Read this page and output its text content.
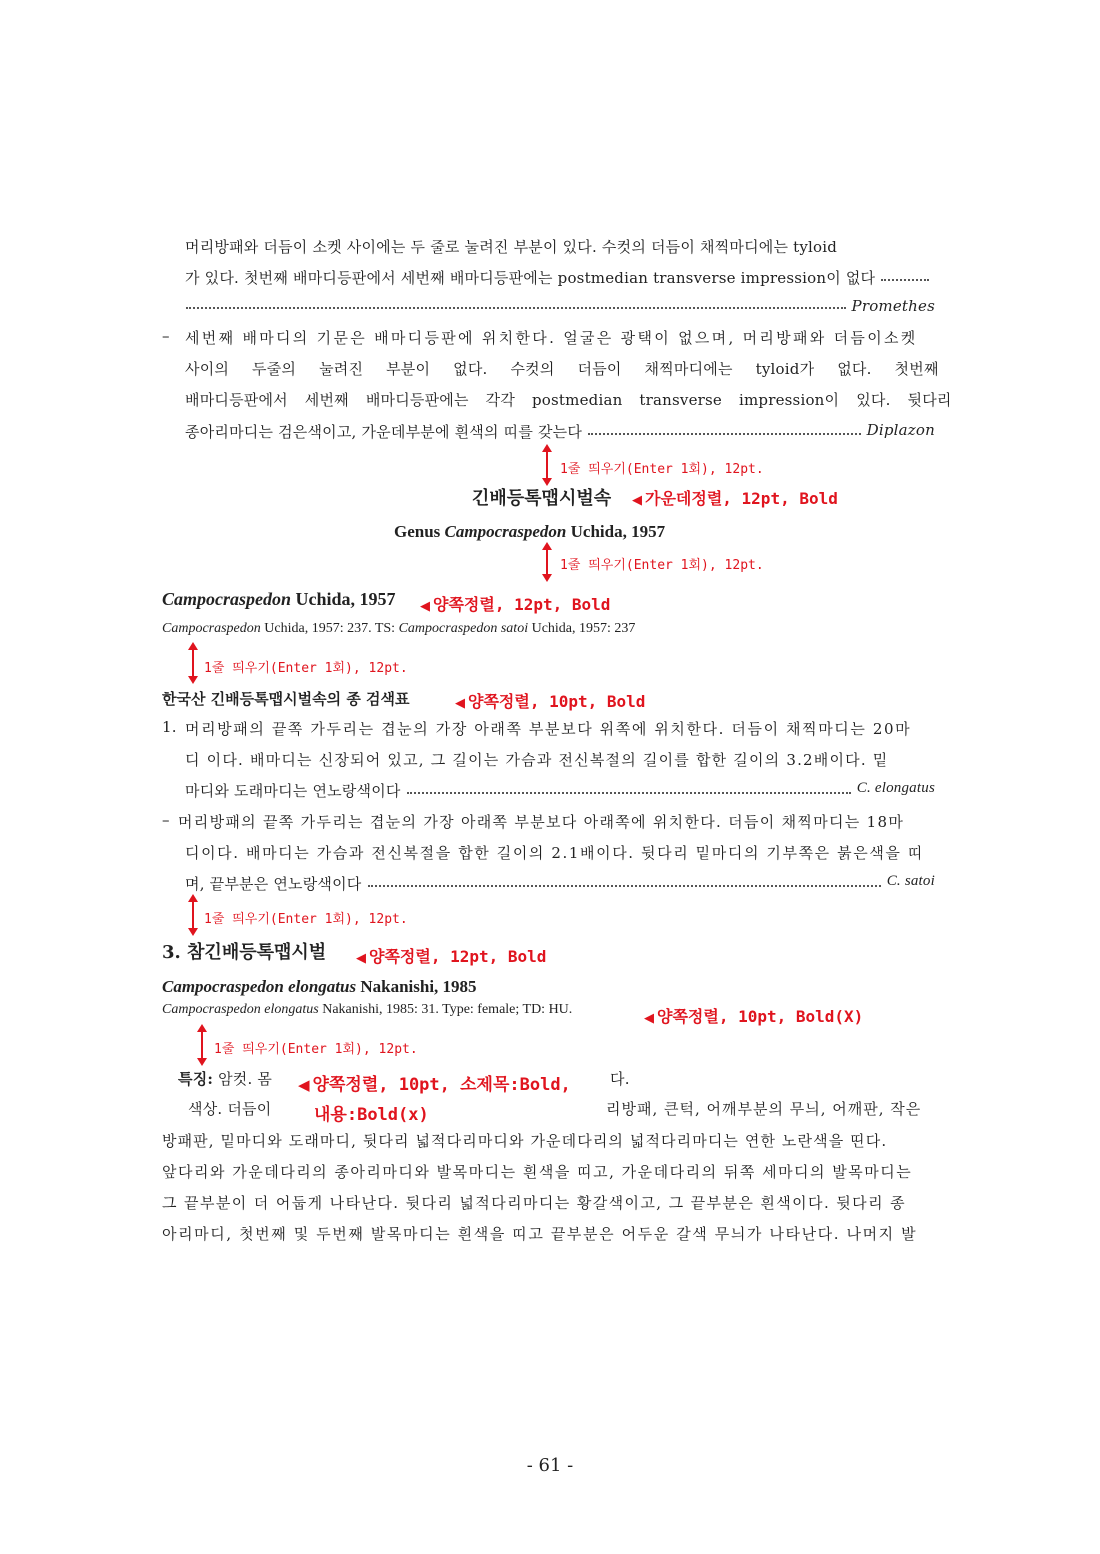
머리방패와 더듬이 소켓 사이에는 두 줄로 눌려진 부분이 있다. 수컷의 더듬이 채찍마디에는 tyloid
가 있다. 첫번째 배마디등판에서 세번째 배마디등판에는 postmedian transverse impression이 없다
Promethes
– 세번째 배마디의 기문은 배마디등판에 위치한다. 얼굴은 광택이 없으며, 머리방패와 더듬이소켓
사이의 두줄의 눌려진 부분이 없다. 수컷의 더듬이 채찍마디에는 tyloid가 없다. 첫번째
배마디등판에서 세번째 배마디등판에는 각각 postmedian transverse impression이 있다. 뒷다리
종아리마디는 검은색이고, 가운데부분에 흰색의 띠를 갖는다	Diplazon
1줄 띄우기(Enter 1회), 12pt.
긴배등톡맵시벌속 ◀ 가운데정렬, 12pt, Bold
Genus Campocraspedon Uchida, 1957
1줄 띄우기(Enter 1회), 12pt.
Campocraspedon Uchida, 1957 ◀ 양쪽정렬, 12pt, Bold
Campocraspedon Uchida, 1957: 237. TS: Campocraspedon satoi Uchida, 1957: 237
1줄 띄우기(Enter 1회), 12pt.
한국산 긴배등톡맵시벌속의 종 검색표	◀ 양쪽정렬, 10pt, Bold
1. 머리방패의 끝쪽 가두리는 겹눈의 가장 아래쪽 부분보다 위쪽에 위치한다. 더듬이 채찍마디는 20마
디 이다. 배마디는 신장되어 있고, 그 길이는 가슴과 전신복절의 길이를 합한 길이의 3.2배이다. 밑
마디와 도래마디는 연노랑색이다	C. elongatus
– 머리방패의 끝쪽 가두리는 겹눈의 가장 아래쪽 부분보다 아래쪽에 위치한다. 더듬이 채찍마디는 18마
디이다. 배마디는 가슴과 전신복절을 합한 길이의 2.1배이다. 뒷다리 밑마디의 기부쪽은 붉은색을 띠
며, 끝부분은 연노랑색이다	C. satoi
1줄 띄우기(Enter 1회), 12pt.
3. 참긴배등톡맵시벌 ◀ 양쪽정렬, 12pt, Bold
Campocraspedon elongatus Nakanishi, 1985
Campocraspedon elongatus Nakanishi, 1985: 31. Type: female; TD: HU.
◀ 양쪽정렬, 10pt, Bold(X)
1줄 띄우기(Enter 1회), 12pt.
특징: 암컷. 몸	다.
색상. 더듬이	리방패, 큰턱, 어깨부분의 무늬, 어깨판, 작은
◀ 양쪽정렬, 10pt, 소제목:Bold,
내용:Bold(x)
방패판, 밑마디와 도래마디, 뒷다리 넓적다리마디와 가운데다리의 넓적다리마디는 연한 노란색을 띤다.
앞다리와 가운데다리의 종아리마디와 발목마디는 흰색을 띠고, 가운데다리의 뒤쪽 세마디의 발목마디는
그 끝부분이 더 어둡게 나타난다. 뒷다리 넓적다리마디는 황갈색이고, 그 끝부분은 흰색이다. 뒷다리 종
아리마디, 첫번째 및 두번째 발목마디는 흰색을 띠고 끝부분은 어두운 갈색 무늬가 나타난다. 나머지 발
- 61 -
